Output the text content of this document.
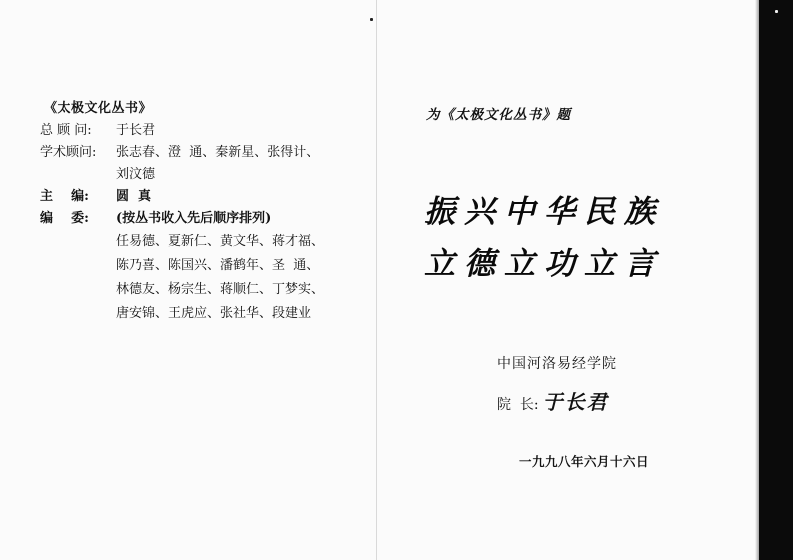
《太极文化丛书》
总 顾 问:	于长君
学术顾问:	张志春、澄  通、秦新星、张得计、
刘汶德
主    编:	圆  真
编    委:	(按丛书收入先后顺序排列)
任易德、夏新仁、黄文华、蒋才福、
陈乃喜、陈国兴、潘鹤年、圣  通、
林德友、杨宗生、蒋顺仁、丁梦实、
唐安锦、王虎应、张社华、段建业
为《太极文化丛书》题
振兴中华民族
立德立功立言
中国河洛易经学院
院  长: 于长君
一九九八年六月十六日
